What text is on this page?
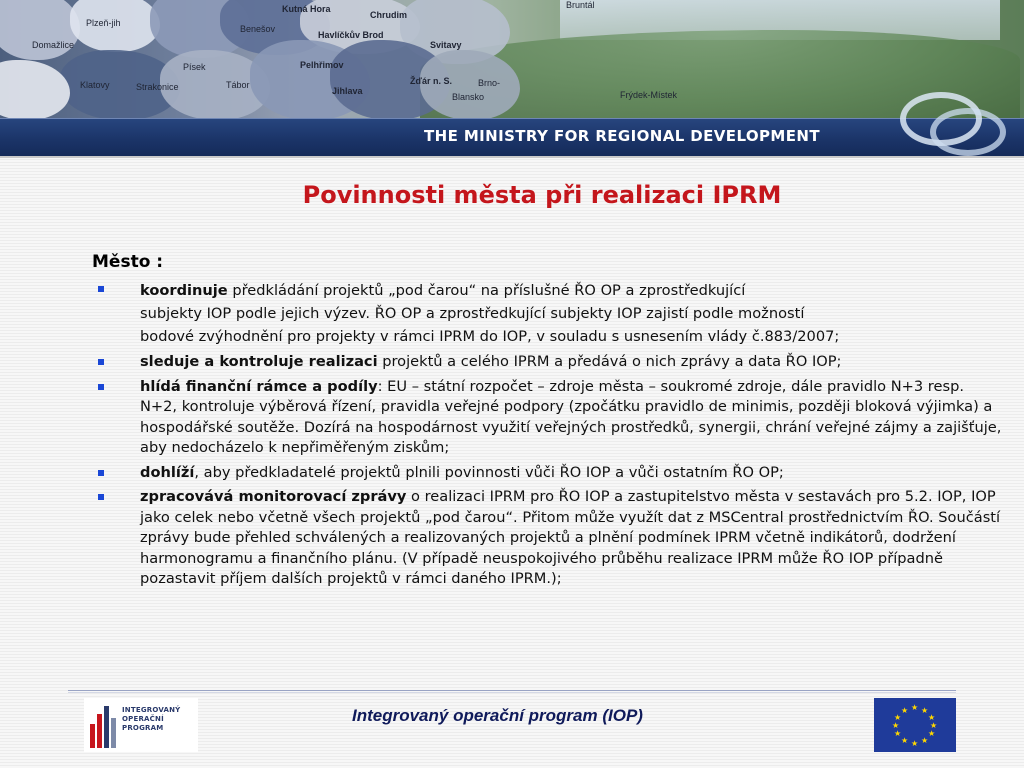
Plzeň-jih
Domažlice
Klatovy	Strakonice
Písek
Tábor
Benešov
Kutná Hora
Chrudim
Havlíčkův Brod
Svitavy
Pelhřimov
Jihlava
Žďár n. S.	Brno-
Blansko
Bruntál
Frýdek-Místek
THE MINISTRY FOR REGIONAL DEVELOPMENT
Povinnosti města při realizaci IPRM
Město :
koordinuje předkládání projektů „pod čarou“ na příslušné ŘO OP a zprostředkující
subjekty IOP podle jejich výzev. ŘO OP a zprostředkující subjekty IOP zajistí podle možností
bodové zvýhodnění pro projekty v rámci IPRM do IOP, v souladu s usnesením vlády č.883/2007;
sleduje a kontroluje realizaci projektů a celého IPRM a předává o nich zprávy a data ŘO IOP;
hlídá finanční rámce a podíly: EU – státní rozpočet – zdroje města – soukromé zdroje, dále pravidlo N+3 resp. N+2, kontroluje výběrová řízení, pravidla veřejné podpory (zpočátku pravidlo de minimis, později bloková výjimka) a hospodářské soutěže. Dozírá na hospodárnost využití veřejných prostředků, synergii, chrání veřejné zájmy a zajišťuje, aby nedocházelo k nepřiměřeným ziskům;
dohlíží, aby předkladatelé projektů plnili povinnosti vůči ŘO IOP a vůči ostatním ŘO OP;
zpracovává monitorovací zprávy o realizaci IPRM pro ŘO IOP a zastupitelstvo města v sestavách pro 5.2. IOP, IOP jako celek nebo včetně všech projektů „pod čarou“. Přitom může využít dat z MSCentral prostřednictvím ŘO. Součástí zprávy bude přehled schválených a realizovaných projektů a plnění podmínek IPRM včetně indikátorů, dodržení harmonogramu a finančního plánu. (V případě neuspokojivého průběhu realizace IPRM může ŘO IOP případně pozastavit příjem dalších projektů v rámci daného IPRM.);
INTEGROVANÝ
OPERAČNÍ
PROGRAM
Integrovaný operační program (IOP)	★ ★
★
★
★
★
★
★
★
★
★
★
